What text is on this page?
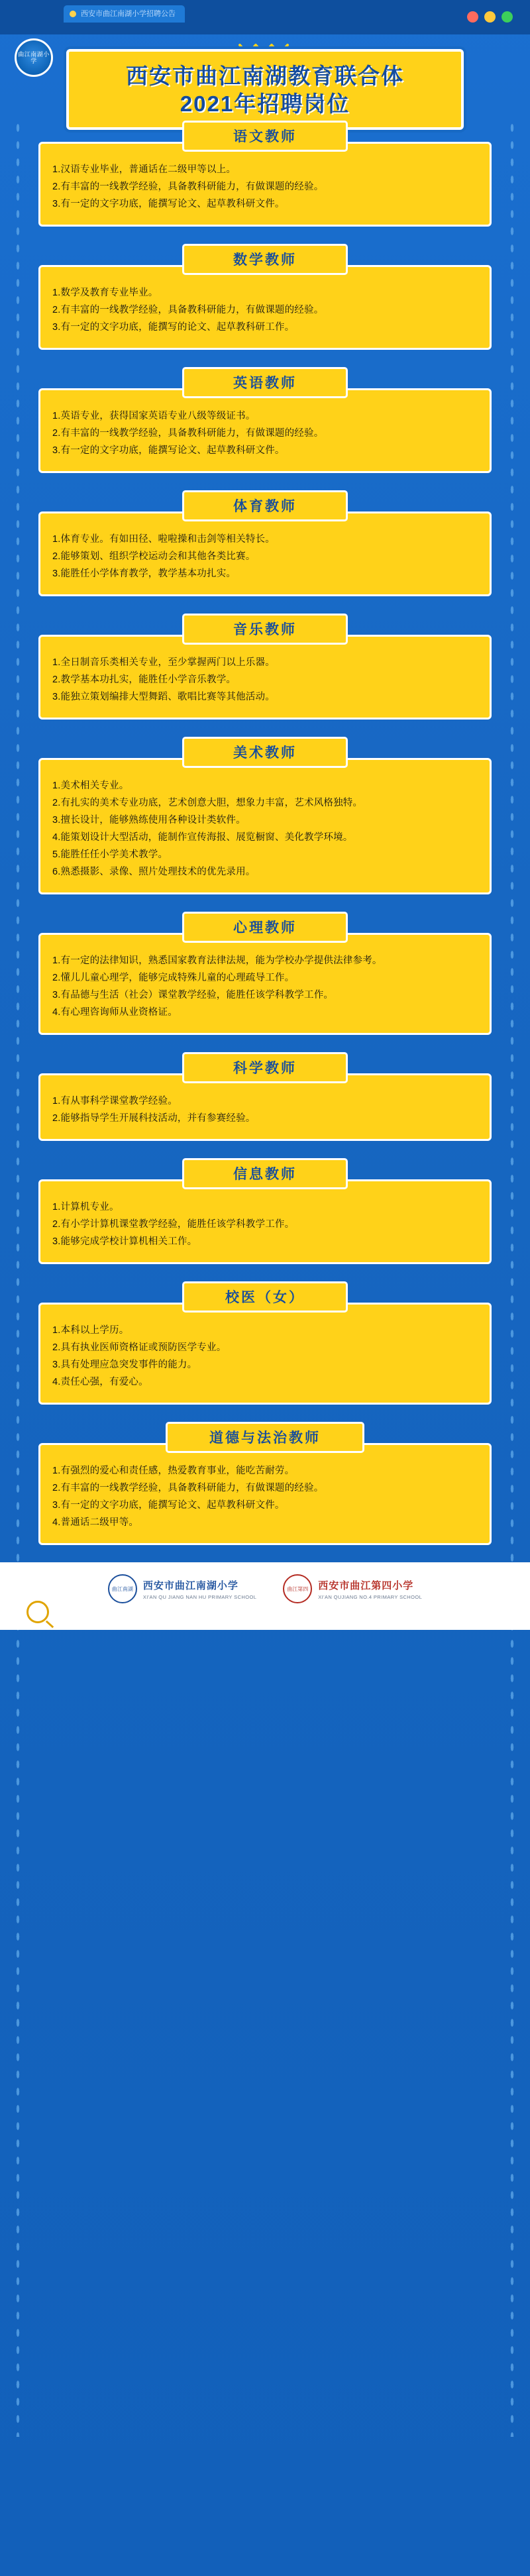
西安市曲江南湖小学招聘公告
曲江南湖小学
西安市曲江南湖教育联合体
2021年招聘岗位
语文教师

1.汉语专业毕业，普通话在二级甲等以上。
2.有丰富的一线教学经验，具备教科研能力，有做课题的经验。
3.有一定的文字功底，能撰写论文、起草教科研文件。

数学教师

1.数学及教育专业毕业。
2.有丰富的一线教学经验，具备教科研能力，有做课题的经验。
3.有一定的文字功底，能撰写的论文、起草教科研工作。

英语教师

1.英语专业，获得国家英语专业八级等级证书。
2.有丰富的一线教学经验，具备教科研能力，有做课题的经验。
3.有一定的文字功底，能撰写论文、起草教科研文件。

体育教师

1.体育专业。有如田径、啦啦操和击剑等相关特长。
2.能够策划、组织学校运动会和其他各类比赛。
3.能胜任小学体育教学，教学基本功扎实。

音乐教师

1.全日制音乐类相关专业，至少掌握两门以上乐器。
2.教学基本功扎实，能胜任小学音乐教学。
3.能独立策划编排大型舞蹈、歌唱比赛等其他活动。

美术教师

1.美术相关专业。
2.有扎实的美术专业功底，艺术创意大胆，想象力丰富，艺术风格独特。
3.擅长设计，能够熟练使用各种设计类软件。
4.能策划设计大型活动，能制作宣传海报、展览橱窗、美化教学环境。
5.能胜任任小学美术教学。
6.熟悉摄影、录像、照片处理技术的优先录用。

心理教师

1.有一定的法律知识，熟悉国家教育法律法规，能为学校办学提供法律参考。
2.懂儿儿童心理学，能够完成特殊儿童的心理疏导工作。
3.有品德与生活（社会）课堂教学经验，能胜任该学科教学工作。
4.有心理咨询师从业资格证。

科学教师

1.有从事科学课堂教学经验。
2.能够指导学生开展科技活动，并有参赛经验。

信息教师

1.计算机专业。
2.有小学计算机课堂教学经验，能胜任该学科教学工作。
3.能够完成学校计算机相关工作。

校医（女）

1.本科以上学历。
2.具有执业医师资格证或预防医学专业。
3.具有处理应急突发事件的能力。
4.责任心强，有爱心。

道德与法治教师

1.有强烈的爱心和责任感，热爱教育事业，能吃苦耐劳。
2.有丰富的一线教学经验，具备教科研能力，有做课题的经验。
3.有一定的文字功底，能撰写论文、起草教科研文件。
4.普通话二级甲等。

曲江南湖	西安市曲江南湖小学
XI'AN QU JIANG NAN HU PRIMARY SCHOOL
曲江第四	西安市曲江第四小学
XI'AN QUJIANG NO.4 PRIMARY SCHOOL
